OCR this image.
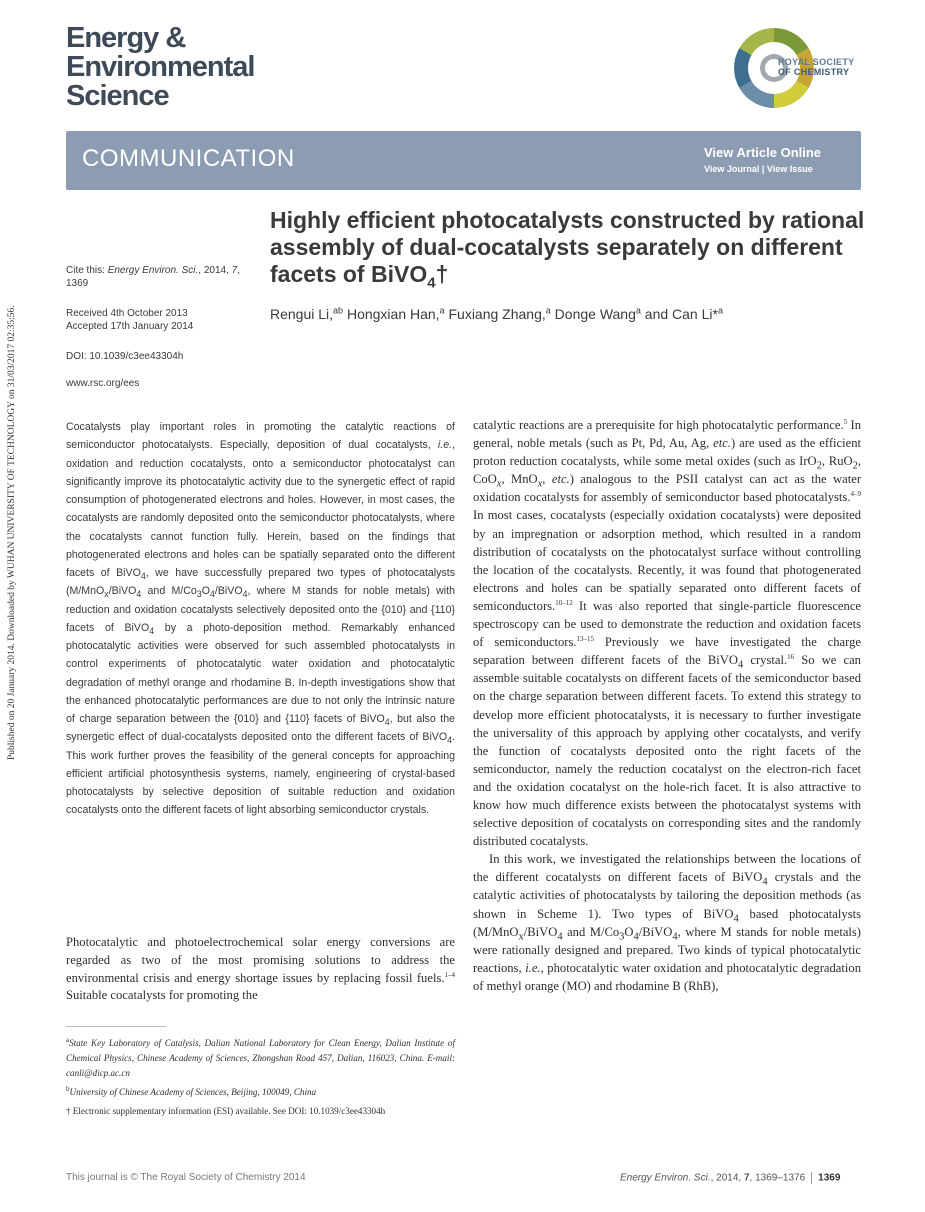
Energy &
Environmental
Science
ROYAL SOCIETY
OF CHEMISTRY
Published on 20 January 2014. Downloaded by WUHAN UNIVERSITY OF TECHNOLOGY on 31/03/2017 02:35:56.
COMMUNICATION	View Article Online
View Journal | View Issue
Highly efficient photocatalysts constructed by rational assembly of dual-cocatalysts separately on different facets of BiVO$_4$†
Rengui Li,$^{ab}$ Hongxian Han,$^a$ Fuxiang Zhang,$^a$ Donge Wang$^a$ and Can Li*$^a$
Cite this: Energy Environ. Sci., 2014, 7, 1369
Received 4th October 2013
Accepted 17th January 2014
DOI: 10.1039/c3ee43304h
www.rsc.org/ees

Cocatalysts play important roles in promoting the catalytic reactions of semiconductor photocatalysts. Especially, deposition of dual cocatalysts, i.e., oxidation and reduction cocatalysts, onto a semiconductor photocatalyst can significantly improve its photocatalytic activity due to the synergetic effect of rapid consumption of photogenerated electrons and holes. However, in most cases, the cocatalysts are randomly deposited onto the semiconductor photocatalysts, where the cocatalysts cannot function fully. Herein, based on the findings that photogenerated electrons and holes can be spatially separated onto the different facets of BiVO$_4$, we have successfully prepared two types of photocatalysts (M/MnO$_x$/BiVO$_4$ and $M/Co_3O_4/BiVO_4$, where M stands for noble metals) with reduction and oxidation cocatalysts selectively deposited onto the {010} and {110} facets of BiVO$_4$ by a photo-deposition method. Remarkably enhanced photocatalytic activities were observed for such assembled photocatalysts in control experiments of photocatalytic water oxidation and photocatalytic degradation of methyl orange and rhodamine B. In-depth investigations show that the enhanced photocatalytic performances are due to not only the intrinsic nature of charge separation between the {010} and {110} facets of BiVO$_4$, but also the synergetic effect of dual-cocatalysts deposited onto the different facets of BiVO$_4$. This work further proves the feasibility of the general concepts for approaching efficient artificial photosynthesis systems, namely, engineering of crystal-based photocatalysts by selective deposition of suitable reduction and oxidation cocatalysts onto the different facets of light absorbing semiconductor crystals.

Photocatalytic and photoelectrochemical solar energy conversions are regarded as two of the most promising solutions to address the environmental crisis and energy shortage issues by replacing fossil fuels.$^{1-4}$ Suitable cocatalysts for promoting the

$^a$State Key Laboratory of Catalysis, Dalian National Laboratory for Clean Energy, Dalian Institute of Chemical Physics, Chinese Academy of Sciences, Zhongshan Road 457, Dalian, 116023, China. E-mail: canli@dicp.ac.cn

$^b$University of Chinese Academy of Sciences, Beijing, 100049, China

† Electronic supplementary information (ESI) available. See DOI: 10.1039/c3ee43304h

catalytic reactions are a prerequisite for high photocatalytic performance.$^5$ In general, noble metals (such as Pt, Pd, Au, Ag, etc.) are used as the efficient proton reduction cocatalysts, while some metal oxides (such as IrO$_2$, RuO$_2$, CoO$_x$, MnO$_x$, etc.) analogous to the PSII catalyst can act as the water oxidation cocatalysts for assembly of semiconductor based photocatalysts.$^{4-9}$ In most cases, cocatalysts (especially oxidation cocatalysts) were deposited by an impregnation or adsorption method, which resulted in a random distribution of cocatalysts on the photocatalyst surface without controlling the location of the cocatalysts. Recently, it was found that photogenerated electrons and holes can be spatially separated onto different facets of semiconductors.$^{10-12}$ It was also reported that single-particle fluorescence spectroscopy can be used to demonstrate the reduction and oxidation facets of semiconductors.$^{13-15}$ Previously we have investigated the charge separation between different facets of the BiVO$_4$ crystal.$^{16}$ So we can assemble suitable cocatalysts on different facets of the semiconductor based on the charge separation between different facets. To extend this strategy to develop more efficient photocatalysts, it is necessary to further investigate the universality of this approach by applying other cocatalysts, and verify the function of cocatalysts deposited onto the right facets of the semiconductor, namely the reduction cocatalyst on the electron-rich facet and the oxidation cocatalyst on the hole-rich facet. It is also attractive to know how much difference exists between the photocatalyst systems with selective deposition of cocatalysts on corresponding sites and the randomly distributed cocatalysts.

In this work, we investigated the relationships between the locations of the different cocatalysts on different facets of BiVO$_4$ crystals and the catalytic activities of photocatalysts by tailoring the deposition methods (as shown in Scheme 1). Two types of BiVO$_4$ based photocatalysts (M/MnO$_x$/BiVO$_4$ and $M/Co_3O_4/BiVO_4$, where M stands for noble metals) were rationally designed and prepared. Two kinds of typical photocatalytic reactions, i.e., photocatalytic water oxidation and photocatalytic degradation of methyl orange (MO) and rhodamine B (RhB),

This journal is © The Royal Society of Chemistry 2014	Energy Environ. Sci., 2014, 7, 1369–1376 1369
